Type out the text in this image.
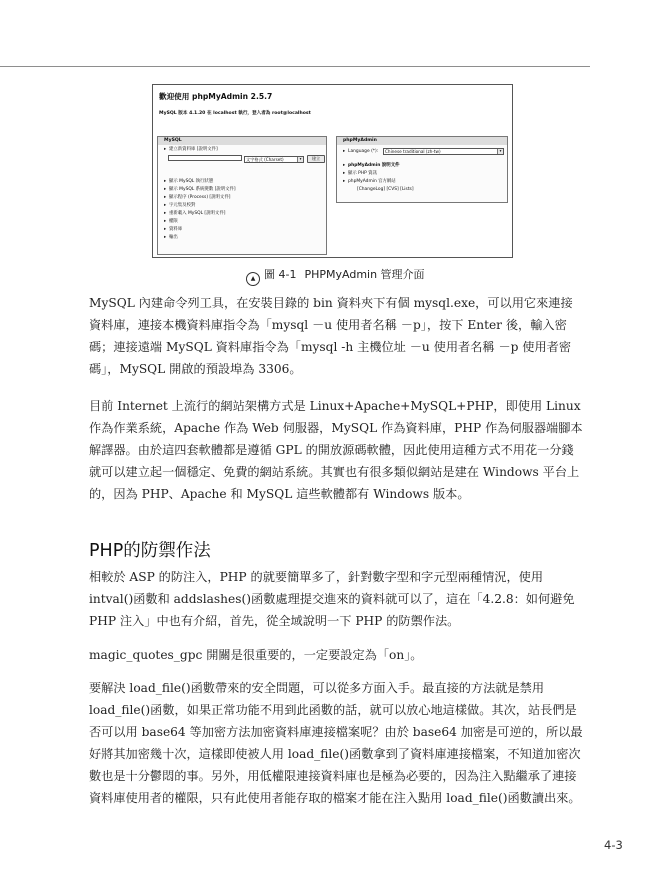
歡迎使用 phpMyAdmin 2.5.7
MySQL 版本 4.1.20 在 localhost 執行，登入者為 root@localhost
MySQL
▸ 建立新資料庫 [說明文件]
文字格式 (Charset)	▾	建立
▸ 顯示 MySQL 執行狀態
▸ 顯示 MySQL 系統變數 [說明文件]
▸ 顯示程序 (Process) [說明文件]
▸ 字元集及校對
▸ 重新載入 MySQL [說明文件]
▸ 權限
▸ 資料庫
▸ 輸出
phpMyAdmin
▸ Language (*):	Chinese traditional (zh-tw)	▾
▸ phpMyAdmin 說明文件
▸ 顯示 PHP 資訊
▸ phpMyAdmin 官方網站
[ChangeLog] [CVS] [Lists]
▲ 圖 4-1 PHPMyAdmin 管理介面

MySQL 內建命令列工具，在安裝目錄的 bin 資料夾下有個 mysql.exe，可以用它來連接資料庫，連接本機資料庫指令為「mysql －u 使用者名稱 －p」，按下 Enter 後，輸入密碼；連接遠端 MySQL 資料庫指令為「mysql -h 主機位址 －u 使用者名稱 －p 使用者密碼」，MySQL 開啟的預設埠為 3306。

目前 Internet 上流行的網站架構方式是 Linux+Apache+MySQL+PHP，即使用 Linux 作為作業系統，Apache 作為 Web 伺服器，MySQL 作為資料庫，PHP 作為伺服器端腳本解譯器。由於這四套軟體都是遵循 GPL 的開放源碼軟體，因此使用這種方式不用花一分錢就可以建立起一個穩定、免費的網站系統。其實也有很多類似網站是建在 Windows 平台上的，因為 PHP、Apache 和 MySQL 這些軟體都有 Windows 版本。

PHP的防禦作法

相較於 ASP 的防注入，PHP 的就要簡單多了，針對數字型和字元型兩種情況，使用 intval()函數和 addslashes()函數處理提交進來的資料就可以了，這在「4.2.8：如何避免 PHP 注入」中也有介紹，首先，從全域說明一下 PHP 的防禦作法。

magic_quotes_gpc 開關是很重要的，一定要設定為「on」。

要解決 load_file()函數帶來的安全問題，可以從多方面入手。最直接的方法就是禁用 load_file()函數，如果正常功能不用到此函數的話，就可以放心地這樣做。其次，站長們是否可以用 base64 等加密方法加密資料庫連接檔案呢？由於 base64 加密是可逆的，所以最好將其加密幾十次，這樣即使被人用 load_file()函數拿到了資料庫連接檔案，不知道加密次數也是十分鬱悶的事。另外，用低權限連接資料庫也是極為必要的，因為注入點繼承了連接資料庫使用者的權限，只有此使用者能存取的檔案才能在注入點用 load_file()函數讀出來。

4-3
